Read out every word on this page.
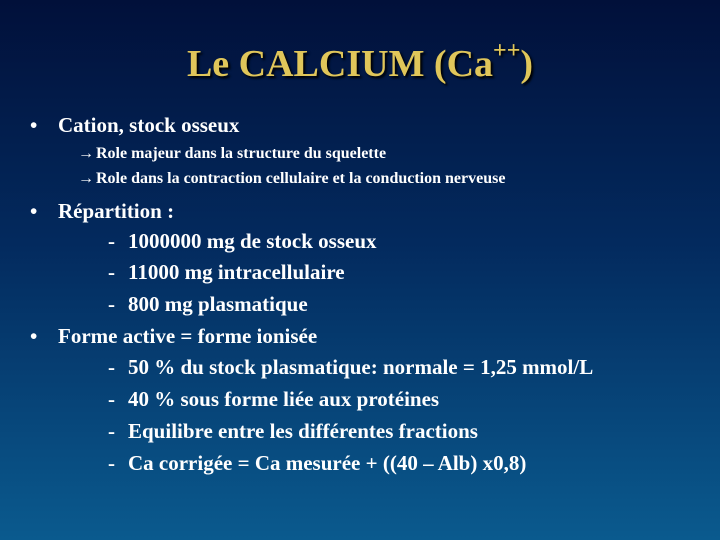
Le CALCIUM (Ca++)
• Cation, stock osseux
→ Role majeur dans la structure du squelette
→ Role dans la contraction cellulaire et la conduction nerveuse
• Répartition :
- 1000000 mg de stock osseux
- 11000 mg intracellulaire
- 800 mg plasmatique
• Forme active = forme ionisée
- 50 % du stock plasmatique: normale = 1,25 mmol/L
- 40 % sous forme liée aux protéines
- Equilibre entre les différentes fractions
- Ca corrigée = Ca mesurée + ((40 – Alb) x0,8)
